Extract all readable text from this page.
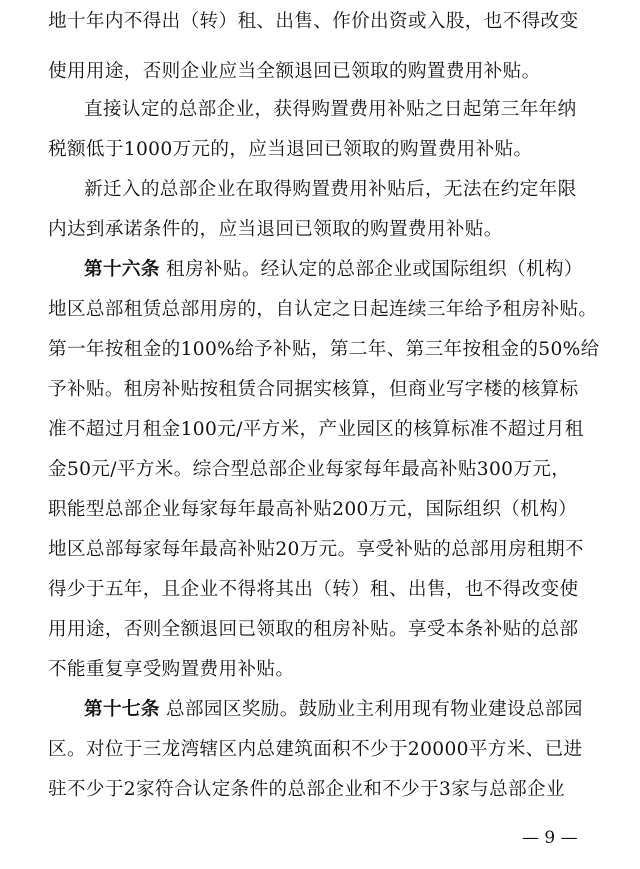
地十年内不得出（转）租、出售、作价出资或入股，也不得改变
使用用途，否则企业应当全额退回已领取的购置费用补贴。
直接认定的总部企业，获得购置费用补贴之日起第三年年纳
税额低于1000万元的，应当退回已领取的购置费用补贴。
新迁入的总部企业在取得购置费用补贴后，无法在约定年限
内达到承诺条件的，应当退回已领取的购置费用补贴。
第十六条 租房补贴。经认定的总部企业或国际组织（机构）
地区总部租赁总部用房的，自认定之日起连续三年给予租房补贴。
第一年按租金的100%给予补贴，第二年、第三年按租金的50%给
予补贴。租房补贴按租赁合同据实核算，但商业写字楼的核算标
准不超过月租金100元/平方米，产业园区的核算标准不超过月租
金50元/平方米。综合型总部企业每家每年最高补贴300万元，
职能型总部企业每家每年最高补贴200万元，国际组织（机构）
地区总部每家每年最高补贴20万元。享受补贴的总部用房租期不
得少于五年，且企业不得将其出（转）租、出售，也不得改变使
用用途，否则全额退回已领取的租房补贴。享受本条补贴的总部
不能重复享受购置费用补贴。
第十七条 总部园区奖励。鼓励业主利用现有物业建设总部园
区。对位于三龙湾辖区内总建筑面积不少于20000平方米、已进
驻不少于2家符合认定条件的总部企业和不少于3家与总部企业
— 9 —
